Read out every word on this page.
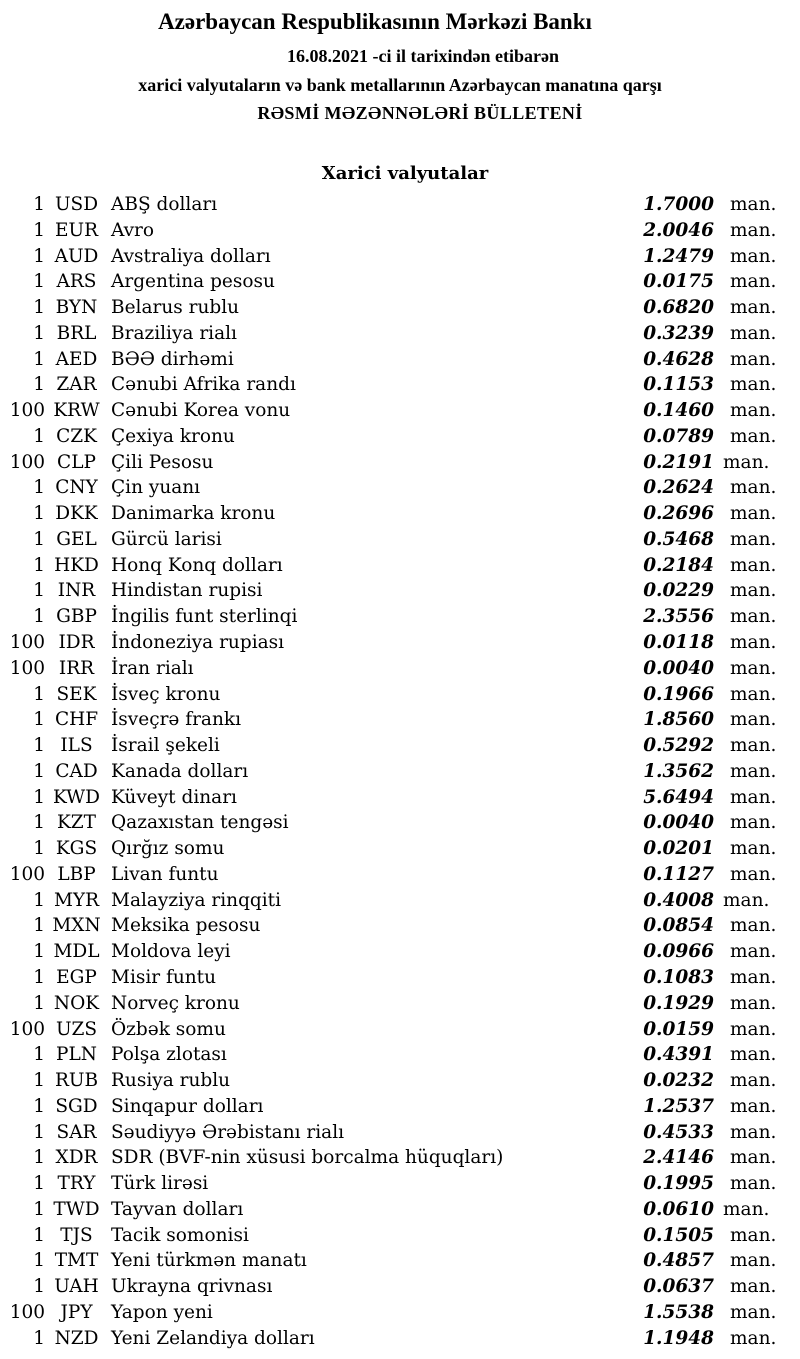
Azərbaycan Respublikasının Mərkəzi Bankı
16.08.2021 -ci il tarixindən etibarən
xarici valyutaların və bank metallarının Azərbaycan manatına qarşı
RƏSMİ MƏZƏNNƏLƏRİ BÜLLETENİ
Xarici valyutalar
1 USD ABŞ dolları	1.7000 man.
1 EUR Avro	2.0046 man.
1 AUD Avstraliya dolları	1.2479 man.
1 ARS Argentina pesosu	0.0175 man.
1 BYN Belarus rublu	0.6820 man.
1 BRL Braziliya rialı	0.3239 man.
1 AED BƏƏ dirhəmi	0.4628 man.
1 ZAR Cənubi Afrika randı	0.1153 man.
100 KRW Cənubi Korea vonu	0.1460 man.
1 CZK Çexiya kronu	0.0789 man.
100 CLP Çili Pesosu	0.2191 man.
1 CNY Çin yuanı	0.2624 man.
1 DKK Danimarka kronu	0.2696 man.
1 GEL Gürcü larisi	0.5468 man.
1 HKD Honq Konq dolları	0.2184 man.
1 INR Hindistan rupisi	0.0229 man.
1 GBP İngilis funt sterlinqi	2.3556 man.
100 IDR İndoneziya rupiası	0.0118 man.
100 IRR İran rialı	0.0040 man.
1 SEK İsveç kronu	0.1966 man.
1 CHF İsveçrə frankı	1.8560 man.
1 ILS İsrail şekeli	0.5292 man.
1 CAD Kanada dolları	1.3562 man.
1 KWD Küveyt dinarı	5.6494 man.
1 KZT Qazaxıstan tengəsi	0.0040 man.
1 KGS Qırğız somu	0.0201 man.
100 LBP Livan funtu	0.1127 man.
1 MYR Malayziya rinqqiti	0.4008 man.
1 MXN Meksika pesosu	0.0854 man.
1 MDL Moldova leyi	0.0966 man.
1 EGP Misir funtu	0.1083 man.
1 NOK Norveç kronu	0.1929 man.
100 UZS Özbək somu	0.0159 man.
1 PLN Polşa zlotası	0.4391 man.
1 RUB Rusiya rublu	0.0232 man.
1 SGD Sinqapur dolları	1.2537 man.
1 SAR Səudiyyə Ərəbistanı rialı	0.4533 man.
1 XDR SDR (BVF-nin xüsusi borcalma hüquqları)	2.4146 man.
1 TRY Türk lirəsi	0.1995 man.
1 TWD Tayvan dolları	0.0610 man.
1 TJS Tacik somonisi	0.1505 man.
1 TMT Yeni türkmən manatı	0.4857 man.
1 UAH Ukrayna qrivnası	0.0637 man.
100 JPY Yapon yeni	1.5538 man.
1 NZD Yeni Zelandiya dolları	1.1948 man.
